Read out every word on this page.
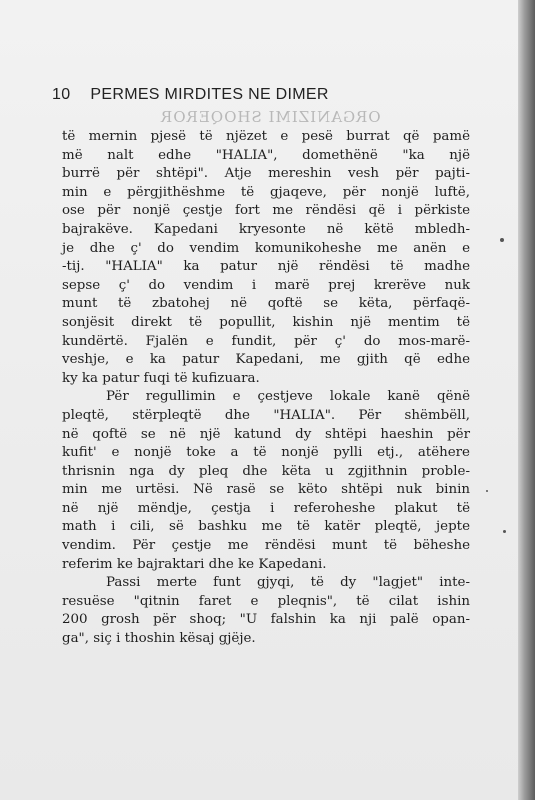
ORGANIZIMI SHOQEROR
10 PERMES MIRDITES NE DIMER
të mernin pjesë të njëzet e pesë burrat që pamë
më nalt edhe "HALIA", domethënë "ka një
burrë për shtëpi". Atje mereshin vesh për pajti-
min e përgjithëshme të gjaqeve, për nonjë luftë,
ose për nonjë çestje fort me rëndësi që i përkiste
bajrakëve. Kapedani kryesonte në këtë mbledh-
je dhe ç' do vendim komunikoheshe me anën e
-tij. "HALIA" ka patur një rëndësi të madhe
sepse ç' do vendim i marë prej krerëve nuk
munt të zbatohej në qoftë se këta, përfaqë-
sonjësit direkt të popullit, kishin një mentim të
kundërtë. Fjalën e fundit, për ç' do mos-marë-
veshje, e ka patur Kapedani, me gjith që edhe
ky ka patur fuqi të kufizuara.
Për regullimin e çestjeve lokale kanë qënë
pleqtë, stërpleqtë dhe "HALIA". Për shëmbëll,
në qoftë se në një katund dy shtëpi haeshin për
kufit' e nonjë toke a të nonjë pylli etj., atëhere
thrisnin nga dy pleq dhe këta u zgjithnin proble-
min me urtësi. Në rasë se këto shtëpi nuk binin
në një mëndje, çestja i referoheshe plakut të
math i cili, së bashku me të katër pleqtë, jepte
vendim. Për çestje me rëndësi munt të bëheshe
referim ke bajraktari dhe ke Kapedani.
Passi merte funt gjyqi, të dy "lagjet" inte-
resuëse "qitnin faret e pleqnis", të cilat ishin
200 grosh për shoq; "U falshin ka nji palë opan-
ga", siç i thoshin kësaj gjëje.
